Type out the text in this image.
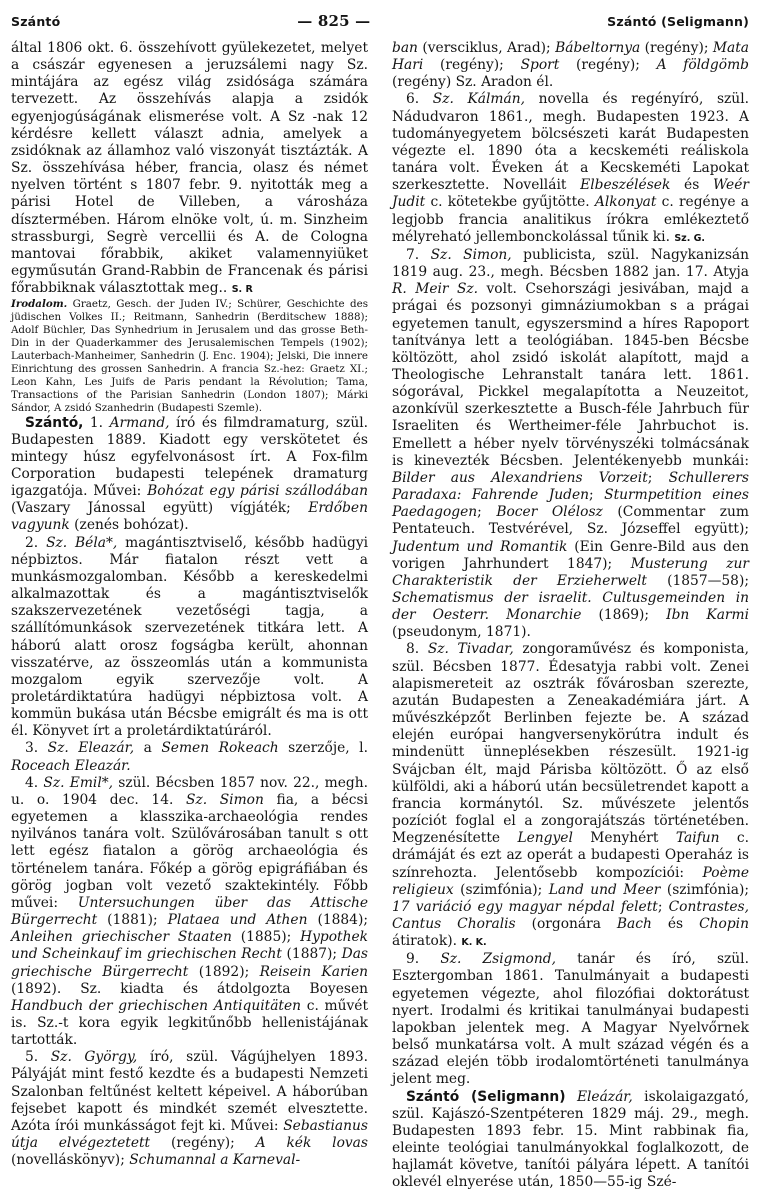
Szántó	— 825 —	Szántó (Seligmann)

által 1806 okt. 6. összehívott gyülekezetet, melyet a császár egyenesen a jeruzsálemi nagy Sz. mintájára az egész világ zsidósága számára tervezett. Az összehívás alapja a zsidók egyenjogúságának elismerése volt. A Sz -nak 12 kérdésre kellett választ adnia, amelyek a zsidóknak az államhoz való viszonyát tisztázták. A Sz. összehívása héber, francia, olasz és német nyelven történt s 1807 febr. 9. nyitották meg a párisi Hotel de Villeben, a városháza dísztermében. Három elnöke volt, ú. m. Sinzheim strassburgi, Segrè vercellii és A. de Cologna mantovai főrabbik, akiket valamennyiüket egyműsután Grand-Rabbin de Francenak és párisi főrabbiknak választottak meg.. S. R

Irodalom. Graetz, Gesch. der Juden IV.; Schürer, Geschichte des jüdischen Volkes II.; Reitmann, Sanhedrin (Berditschew 1888); Adolf Büchler, Das Synhedrium in Jerusalem und das grosse Beth-Din in der Quaderkammer des Jerusalemischen Tempels (1902); Lauterbach-Manheimer, Sanhedrin (J. Enc. 1904); Jelski, Die innere Einrichtung des grossen Sanhedrin. A francia Sz.-hez: Graetz XI.; Leon Kahn, Les Juifs de Paris pendant la Révolution; Tama, Transactions of the Parisian Sanhedrin (London 1807); Márki Sándor, A zsidó Szanhedrin (Budapesti Szemle).

Szántó, 1. Armand, író és filmdramaturg, szül. Budapesten 1889. Kiadott egy verskötetet és mintegy húsz egyfelvonásost írt. A Fox-film Corporation budapesti telepének dramaturg igazgatója. Művei: Bohózat egy párisi szállodában (Vaszary Jánossal együtt) vígjáték; Erdőben vagyunk (zenés bohózat).

2. Sz. Béla*, magántisztviselő, később hadügyi népbiztos. Már fiatalon részt vett a munkásmozgalomban. Később a kereskedelmi alkalmazottak és a magántisztviselők szakszervezetének vezetőségi tagja, a szállítómunkások szervezetének titkára lett. A háború alatt orosz fogságba került, ahonnan visszatérve, az összeomlás után a kommunista mozgalom egyik szervezője volt. A proletárdiktatúra hadügyi népbiztosa volt. A kommün bukása után Bécsbe emigrált és ma is ott él. Könyvet írt a proletárdiktatúráról.

3. Sz. Eleazár, a Semen Rokeach szerzője, l. Roceach Eleazár.

4. Sz. Emil*, szül. Bécsben 1857 nov. 22., megh. u. o. 1904 dec. 14. Sz. Simon fia, a bécsi egyetemen a klasszika-archaeológia rendes nyilvános tanára volt. Szülővárosában tanult s ott lett egész fiatalon a görög archaeológia és történelem tanára. Főkép a görög epigráfiában és görög jogban volt vezető szaktekintély. Főbb művei: Untersuchungen über das Attische Bürgerrecht (1881); Plataea und Athen (1884); Anleihen griechischer Staaten (1885); Hypothek und Scheinkauf im griechischen Recht (1887); Das griechische Bürgerrecht (1892); Reisein Karien (1892). Sz. kiadta és átdolgozta Boyesen Handbuch der griechischen Antiquitäten c. művét is. Sz.-t kora egyik legkitűnőbb hellenistájának tartották.

5. Sz. György, író, szül. Vágújhelyen 1893. Pályáját mint festő kezdte és a budapesti Nemzeti Szalonban feltűnést keltett képeivel. A háborúban fejsebet kapott és mindkét szemét elvesztette. Azóta írói munkásságot fejt ki. Művei: Sebastianus útja elvégeztetett (regény); A kék lovas (novelláskönyv); Schumannal a Karneval-

ban (versciklus, Arad); Bábeltornya (regény); Mata Hari (regény); Sport (regény); A földgömb (regény) Sz. Aradon él.

6. Sz. Kálmán, novella és regényíró, szül. Nádudvaron 1861., megh. Budapesten 1923. A tudományegyetem bölcsészeti karát Budapesten végezte el. 1890 óta a kecskeméti reáliskola tanára volt. Éveken át a Kecskeméti Lapokat szerkesztette. Novelláit Elbeszélések és Weér Judit c. kötetekbe gyűjtötte. Alkonyat c. regénye a legjobb francia analitikus írókra emlékeztető mélyreható jellembonckolással tűnik ki. Sz. G.

7. Sz. Simon, publicista, szül. Nagykanizsán 1819 aug. 23., megh. Bécsben 1882 jan. 17. Atyja R. Meir Sz. volt. Csehországi jesivában, majd a prágai és pozsonyi gimnáziumokban s a prágai egyetemen tanult, egyszersmind a híres Rapoport tanítványa lett a teológiában. 1845-ben Bécsbe költözött, ahol zsidó iskolát alapított, majd a Theologische Lehranstalt tanára lett. 1861. sógorával, Pickkel megalapította a Neuzeitot, azonkívül szerkesztette a Busch-féle Jahrbuch für Israeliten és Wertheimer-féle Jahrbuchot is. Emellett a héber nyelv törvényszéki tolmácsának is kinevezték Bécsben. Jelentékenyebb munkái: Bilder aus Alexandriens Vorzeit; Schullerers Paradaxa: Fahrende Juden; Sturmpetition eines Paedagogen; Bocer Olélosz (Commentar zum Pentateuch. Testvérével, Sz. Józseffel együtt); Judentum und Romantik (Ein Genre-Bild aus den vorigen Jahrhundert 1847); Musterung zur Charakteristik der Erzieherwelt (1857—58); Schematismus der israelit. Cultusgemeinden in der Oesterr. Monarchie (1869); Ibn Karmi (pseudonym, 1871).

8. Sz. Tivadar, zongoraművész és komponista, szül. Bécsben 1877. Édesatyja rabbi volt. Zenei alapismereteit az osztrák fővárosban szerezte, azután Budapesten a Zeneakadémiára járt. A művészképzőt Berlinben fejezte be. A század elején európai hangversenykörútra indult és mindenütt ünneplésekben részesült. 1921-ig Svájcban élt, majd Párisba költözött. Ő az első külföldi, aki a háború után becsületrendet kapott a francia kormánytól. Sz. művészete jelentős pozíciót foglal el a zongorajátszás történetében. Megzenésítette Lengyel Menyhért Taifun c. drámáját és ezt az operát a budapesti Operaház is színrehozta. Jelentősebb kompozíciói: Poème religieux (szimfónia); Land und Meer (szimfónia); 17 variáció egy magyar népdal felett; Contrastes, Cantus Choralis (orgonára Bach és Chopin átiratok). K. K.

9. Sz. Zsigmond, tanár és író, szül. Esztergomban 1861. Tanulmányait a budapesti egyetemen végezte, ahol filozófiai doktorátust nyert. Irodalmi és kritikai tanulmányai budapesti lapokban jelentek meg. A Magyar Nyelvőrnek belső munkatársa volt. A mult század végén és a század elején több irodalomtörténeti tanulmánya jelent meg.

Szántó (Seligmann) Eleázár, iskolaigazgató, szül. Kajászó-Szentpéteren 1829 máj. 29., megh. Budapesten 1893 febr. 15. Mint rabbinak fia, eleinte teológiai tanulmányokkal foglalkozott, de hajlamát követve, tanítói pályára lépett. A tanítói oklevél elnyerése után, 1850—55-ig Szé-
